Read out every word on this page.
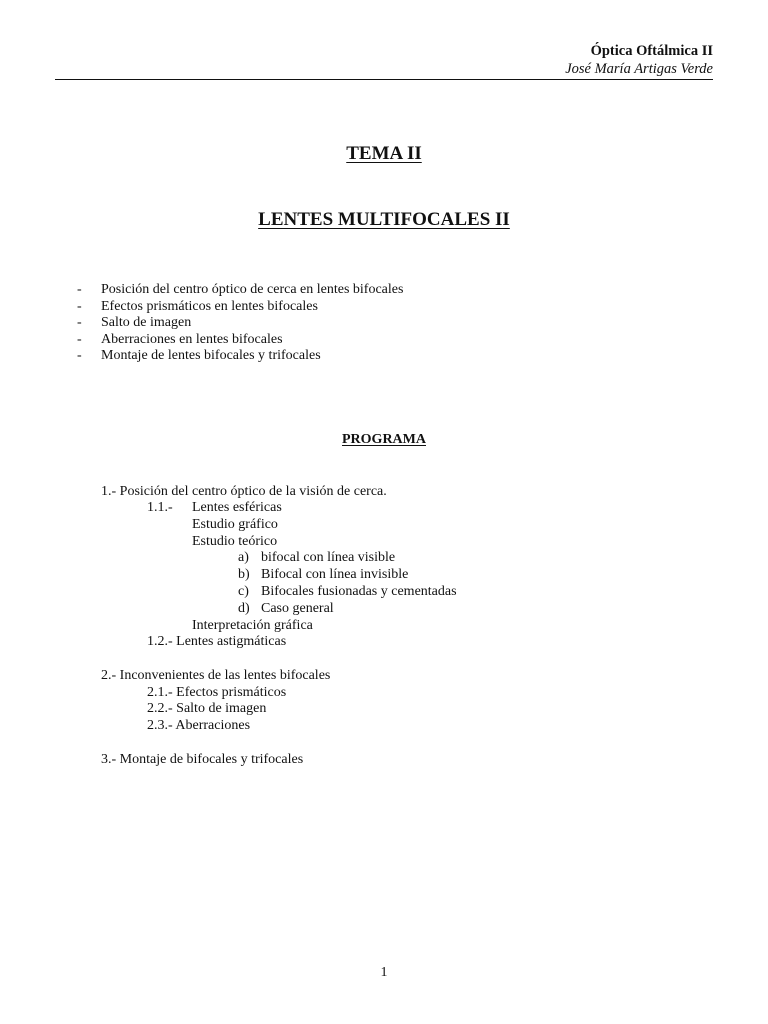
Óptica Oftálmica II
José María Artigas Verde
TEMA II
LENTES MULTIFOCALES II
- Posición del centro óptico de cerca en lentes bifocales
- Efectos prismáticos en lentes bifocales
- Salto de imagen
- Aberraciones en lentes bifocales
- Montaje de lentes bifocales y trifocales
PROGRAMA
1.- Posición del centro óptico de la visión de cerca.
1.1.- Lentes esféricas
Estudio gráfico
Estudio teórico
a) bifocal con línea visible
b) Bifocal con línea invisible
c) Bifocales fusionadas y cementadas
d) Caso general
Interpretación gráfica
1.2.- Lentes astigmáticas
2.- Inconvenientes de las lentes bifocales
2.1.- Efectos prismáticos
2.2.- Salto de imagen
2.3.- Aberraciones
3.- Montaje de bifocales y trifocales
1
